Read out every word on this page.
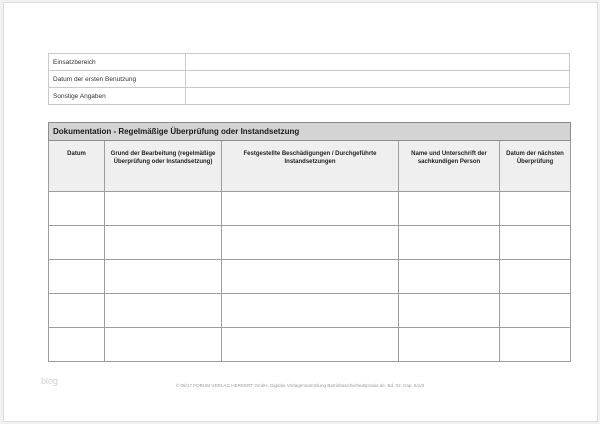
Einsatzbereich	
Datum der ersten Benutzung	
Sonstige Angaben	
Dokumentation - Regelmäßige Überprüfung oder Instandsetzung				
Datum	Grund der Bearbeitung (regelmäßige Überprüfung oder Instandsetzung)	Festgestellte Beschädigungen / Durchgeführte Instandsetzungen	Name und Unterschrift der sachkundigen Person	Datum der nächsten Überprüfung

blog	© 06/17 FORUM VERLAG HERKERT GmbH, Digitale Vorlagensammlung Betriebssicherheitspraxis.de, Bd. 02, Kap. 5/1/0
